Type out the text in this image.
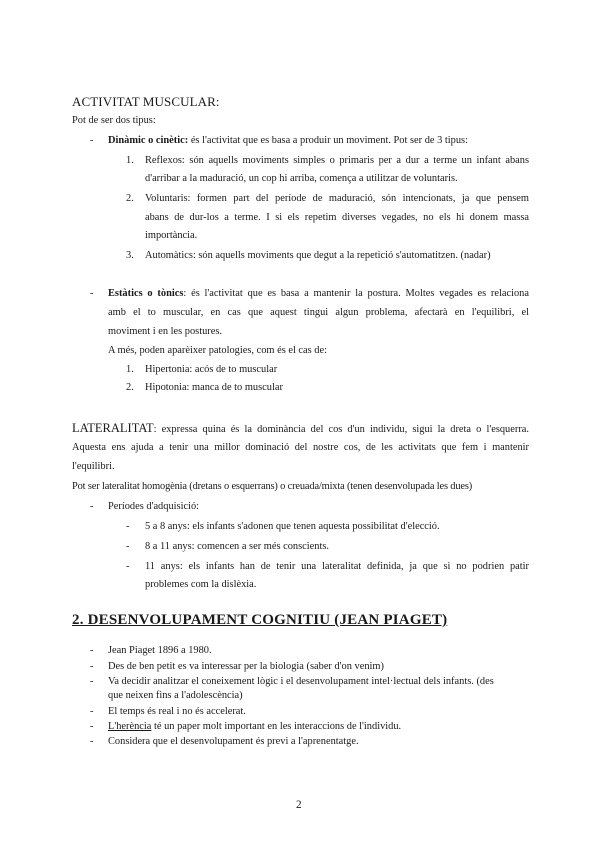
ACTIVITAT MUSCULAR:
Pot de ser dos tipus:
- Dinàmic o cinètic: és l'activitat que es basa a produir un moviment. Pot ser de 3 tipus:
1. Reflexos: són aquells moviments simples o primaris per a dur a terme un infant abans
d'arribar a la maduració, un cop hi arriba, comença a utilitzar de voluntaris.
2. Voluntaris: formen part del període de maduració, són intencionats, ja que pensem
abans de dur-los a terme. I si els repetim diverses vegades, no els hi donem massa
importància.
3. Automàtics: són aquells moviments que degut a la repetició s'automatitzen. (nadar)
- Estàtics o tònics: és l'activitat que es basa a mantenir la postura. Moltes vegades es relaciona
amb el to muscular, en cas que aquest tingui algun problema, afectarà en l'equilibri, el
moviment i en les postures.
A més, poden aparèixer patologies, com és el cas de:
1. Hipertonia: acós de to muscular
2. Hipotonia: manca de to muscular
LATERALITAT: expressa quina és la dominància del cos d'un individu, sigui la dreta o l'esquerra.
Aquesta ens ajuda a tenir una millor dominació del nostre cos, de les activitats que fem i mantenir
l'equilibri.
Pot ser lateralitat homogènia (dretans o esquerrans) o creuada/mixta (tenen desenvolupada les dues)
- Períodes d'adquisició:
- 5 a 8 anys: els infants s'adonen que tenen aquesta possibilitat d'elecció.
- 8 a 11 anys: comencen a ser més conscients.
- 11 anys: els infants han de tenir una lateralitat definida, ja que si no podrien patir
problemes com la dislèxia.
2. DESENVOLUPAMENT COGNITIU (JEAN PIAGET)
- Jean Piaget 1896 a 1980.
- Des de ben petit es va interessar per la biologia (saber d'on venim)
- Va decidir analitzar el coneixement lògic i el desenvolupament intel·lectual dels infants. (des
que neixen fins a l'adolescència)
- El temps és real i no és accelerat.
- L'herència té un paper molt important en les interaccions de l'individu.
- Considera que el desenvolupament és previ a l'aprenentatge.
2
